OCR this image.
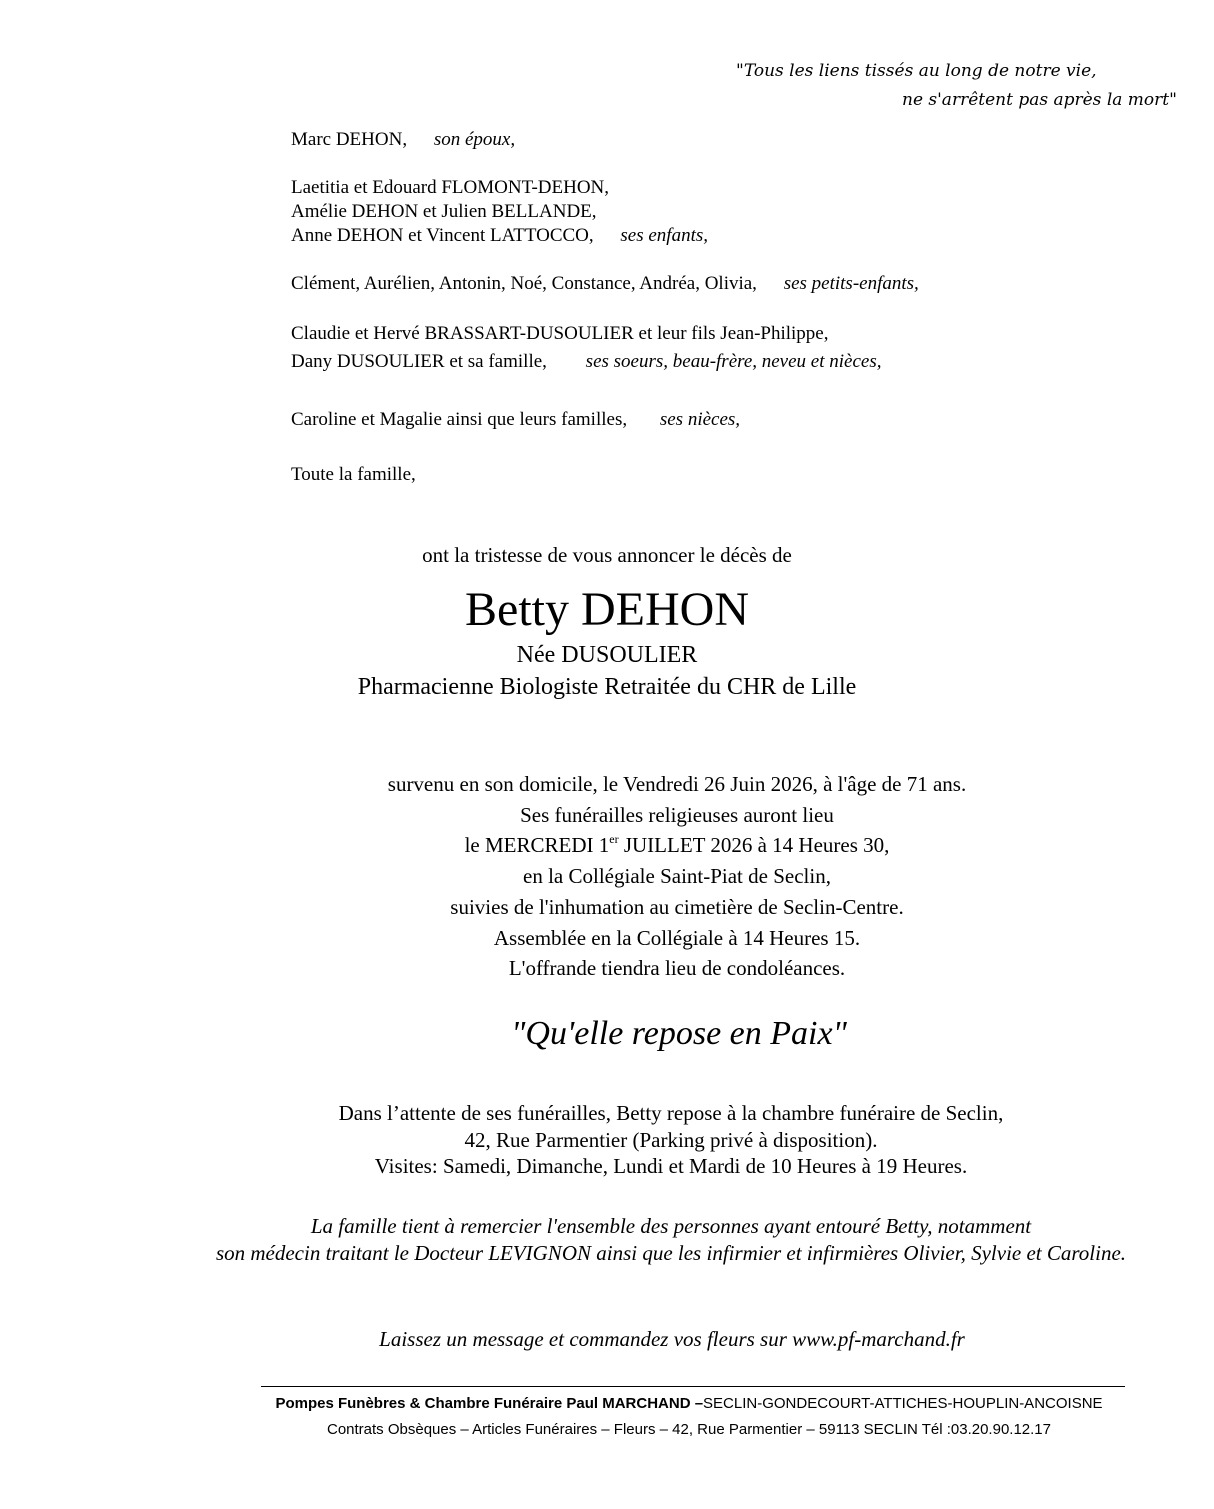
"Tous les liens tissés au long de notre vie,
ne s'arrêtent pas après la mort"
Marc DEHON, son époux,
Laetitia et Edouard FLOMONT-DEHON,
Amélie DEHON et Julien BELLANDE,
Anne DEHON et Vincent LATTOCCO, ses enfants,
Clément, Aurélien, Antonin, Noé, Constance, Andréa, Olivia, ses petits-enfants,
Claudie et Hervé BRASSART-DUSOULIER et leur fils Jean-Philippe,
Dany DUSOULIER et sa famille, ses soeurs, beau-frère, neveu et nièces,
Caroline et Magalie ainsi que leurs familles, ses nièces,
Toute la famille,
ont la tristesse de vous annoncer le décès de
Betty DEHON
Née DUSOULIER
Pharmacienne Biologiste Retraitée du CHR de Lille
survenu en son domicile, le Vendredi 26 Juin 2026, à l'âge de 71 ans.
Ses funérailles religieuses auront lieu
le MERCREDI 1er JUILLET 2026 à 14 Heures 30,
en la Collégiale Saint-Piat de Seclin,
suivies de l'inhumation au cimetière de Seclin-Centre.
Assemblée en la Collégiale à 14 Heures 15.
L'offrande tiendra lieu de condoléances.
"Qu'elle repose en Paix"
Dans l’attente de ses funérailles, Betty repose à la chambre funéraire de Seclin,
42, Rue Parmentier (Parking privé à disposition).
Visites: Samedi, Dimanche, Lundi et Mardi de 10 Heures à 19 Heures.
La famille tient à remercier l'ensemble des personnes ayant entouré Betty, notamment
son médecin traitant le Docteur LEVIGNON ainsi que les infirmier et infirmières Olivier, Sylvie et Caroline.
Laissez un message et commandez vos fleurs sur www.pf-marchand.fr
Pompes Funèbres & Chambre Funéraire Paul MARCHAND –SECLIN-GONDECOURT-ATTICHES-HOUPLIN-ANCOISNE
Contrats Obsèques – Articles Funéraires – Fleurs – 42, Rue Parmentier – 59113 SECLIN Tél :03.20.90.12.17
